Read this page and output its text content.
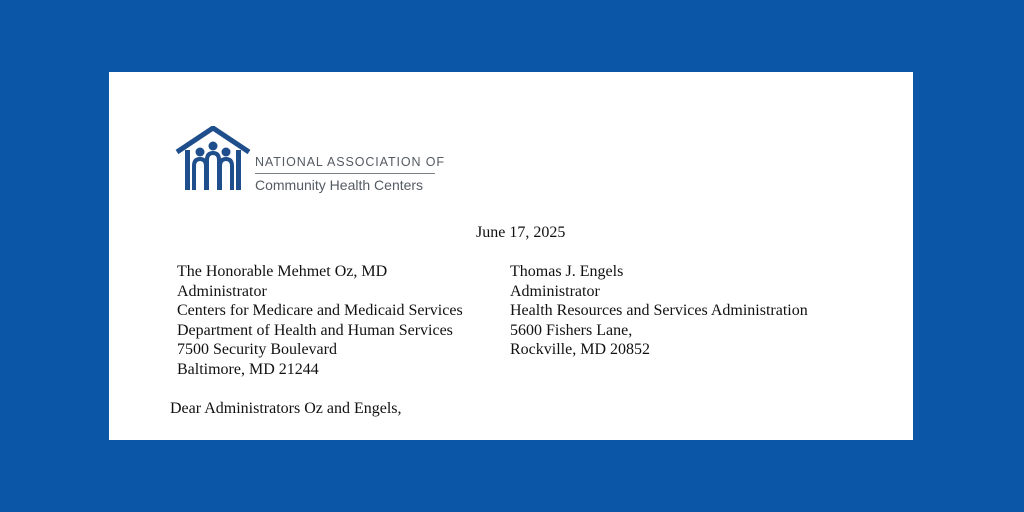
NATIONAL ASSOCIATION OF
Community Health Centers
June 17, 2025
The Honorable Mehmet Oz, MD
Administrator
Centers for Medicare and Medicaid Services
Department of Health and Human Services
7500 Security Boulevard
Baltimore, MD 21244
Thomas J. Engels
Administrator
Health Resources and Services Administration
5600 Fishers Lane,
Rockville, MD 20852
Dear Administrators Oz and Engels,
